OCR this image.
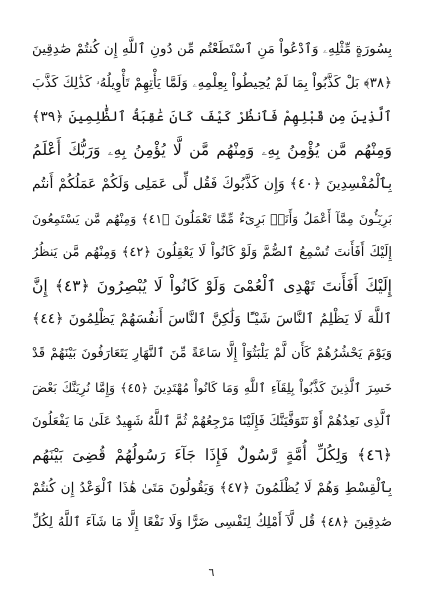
بِسُورَةٍ مِّثْلِهِۦ وَٱدْعُواْ مَنِ ٱسْتَطَعْتُم مِّن دُونِ ٱللَّهِ إِن كُنتُمْ صَٰدِقِينَ
﴿٣٨﴾ بَلْ كَذَّبُواْ بِمَا لَمْ يُحِيطُواْ بِعِلْمِهِۦ وَلَمَّا يَأْتِهِمْ تَأْوِيلُهُۥ كَذَٰلِكَ كَذَّبَ
ٱلَّذِينَ مِن قَبْلِهِمْ فَٱنظُرْ كَيْفَ كَانَ عَٰقِبَةُ ٱلظَّٰلِمِينَ ﴿٣٩﴾
وَمِنْهُم مَّن يُؤْمِنُ بِهِۦ وَمِنْهُم مَّن لَّا يُؤْمِنُ بِهِۦ وَرَبُّكَ أَعْلَمُ
بِٱلْمُفْسِدِينَ ﴿٤٠﴾ وَإِن كَذَّبُوكَ فَقُل لِّى عَمَلِى وَلَكُمْ عَمَلُكُمْ أَنتُم
بَرِيٓـُٔونَ مِمَّآ أَعْمَلُ وَأَنَا۠ بَرِىٓءٌ مِّمَّا تَعْمَلُونَ ﴿٤١﴾ وَمِنْهُم مَّن يَسْتَمِعُونَ
إِلَيْكَ أَفَأَنتَ تُسْمِعُ ٱلصُّمَّ وَلَوْ كَانُواْ لَا يَعْقِلُونَ ﴿٤٢﴾ وَمِنْهُم مَّن يَنظُرُ
إِلَيْكَ أَفَأَنتَ تَهْدِى ٱلْعُمْىَ وَلَوْ كَانُواْ لَا يُبْصِرُونَ ﴿٤٣﴾ إِنَّ
ٱللَّهَ لَا يَظْلِمُ ٱلنَّاسَ شَيْـًٔا وَلَٰكِنَّ ٱلنَّاسَ أَنفُسَهُمْ يَظْلِمُونَ ﴿٤٤﴾
وَيَوْمَ يَحْشُرُهُمْ كَأَن لَّمْ يَلْبَثُوٓاْ إِلَّا سَاعَةً مِّنَ ٱلنَّهَارِ يَتَعَارَفُونَ بَيْنَهُمْ قَدْ
خَسِرَ ٱلَّذِينَ كَذَّبُواْ بِلِقَآءِ ٱللَّهِ وَمَا كَانُواْ مُهْتَدِينَ ﴿٤٥﴾ وَإِمَّا نُرِيَنَّكَ بَعْضَ
ٱلَّذِى نَعِدُهُمْ أَوْ نَتَوَفَّيَنَّكَ فَإِلَيْنَا مَرْجِعُهُمْ ثُمَّ ٱللَّهُ شَهِيدٌ عَلَىٰ مَا يَفْعَلُونَ
﴿٤٦﴾ وَلِكُلِّ أُمَّةٍ رَّسُولٌ فَإِذَا جَآءَ رَسُولُهُمْ قُضِىَ بَيْنَهُم
بِٱلْقِسْطِ وَهُمْ لَا يُظْلَمُونَ ﴿٤٧﴾ وَيَقُولُونَ مَتَىٰ هَٰذَا ٱلْوَعْدُ إِن كُنتُمْ
صَٰدِقِينَ ﴿٤٨﴾ قُل لَّآ أَمْلِكُ لِنَفْسِى ضَرًّا وَلَا نَفْعًا إِلَّا مَا شَآءَ ٱللَّهُ لِكُلِّ
٦
